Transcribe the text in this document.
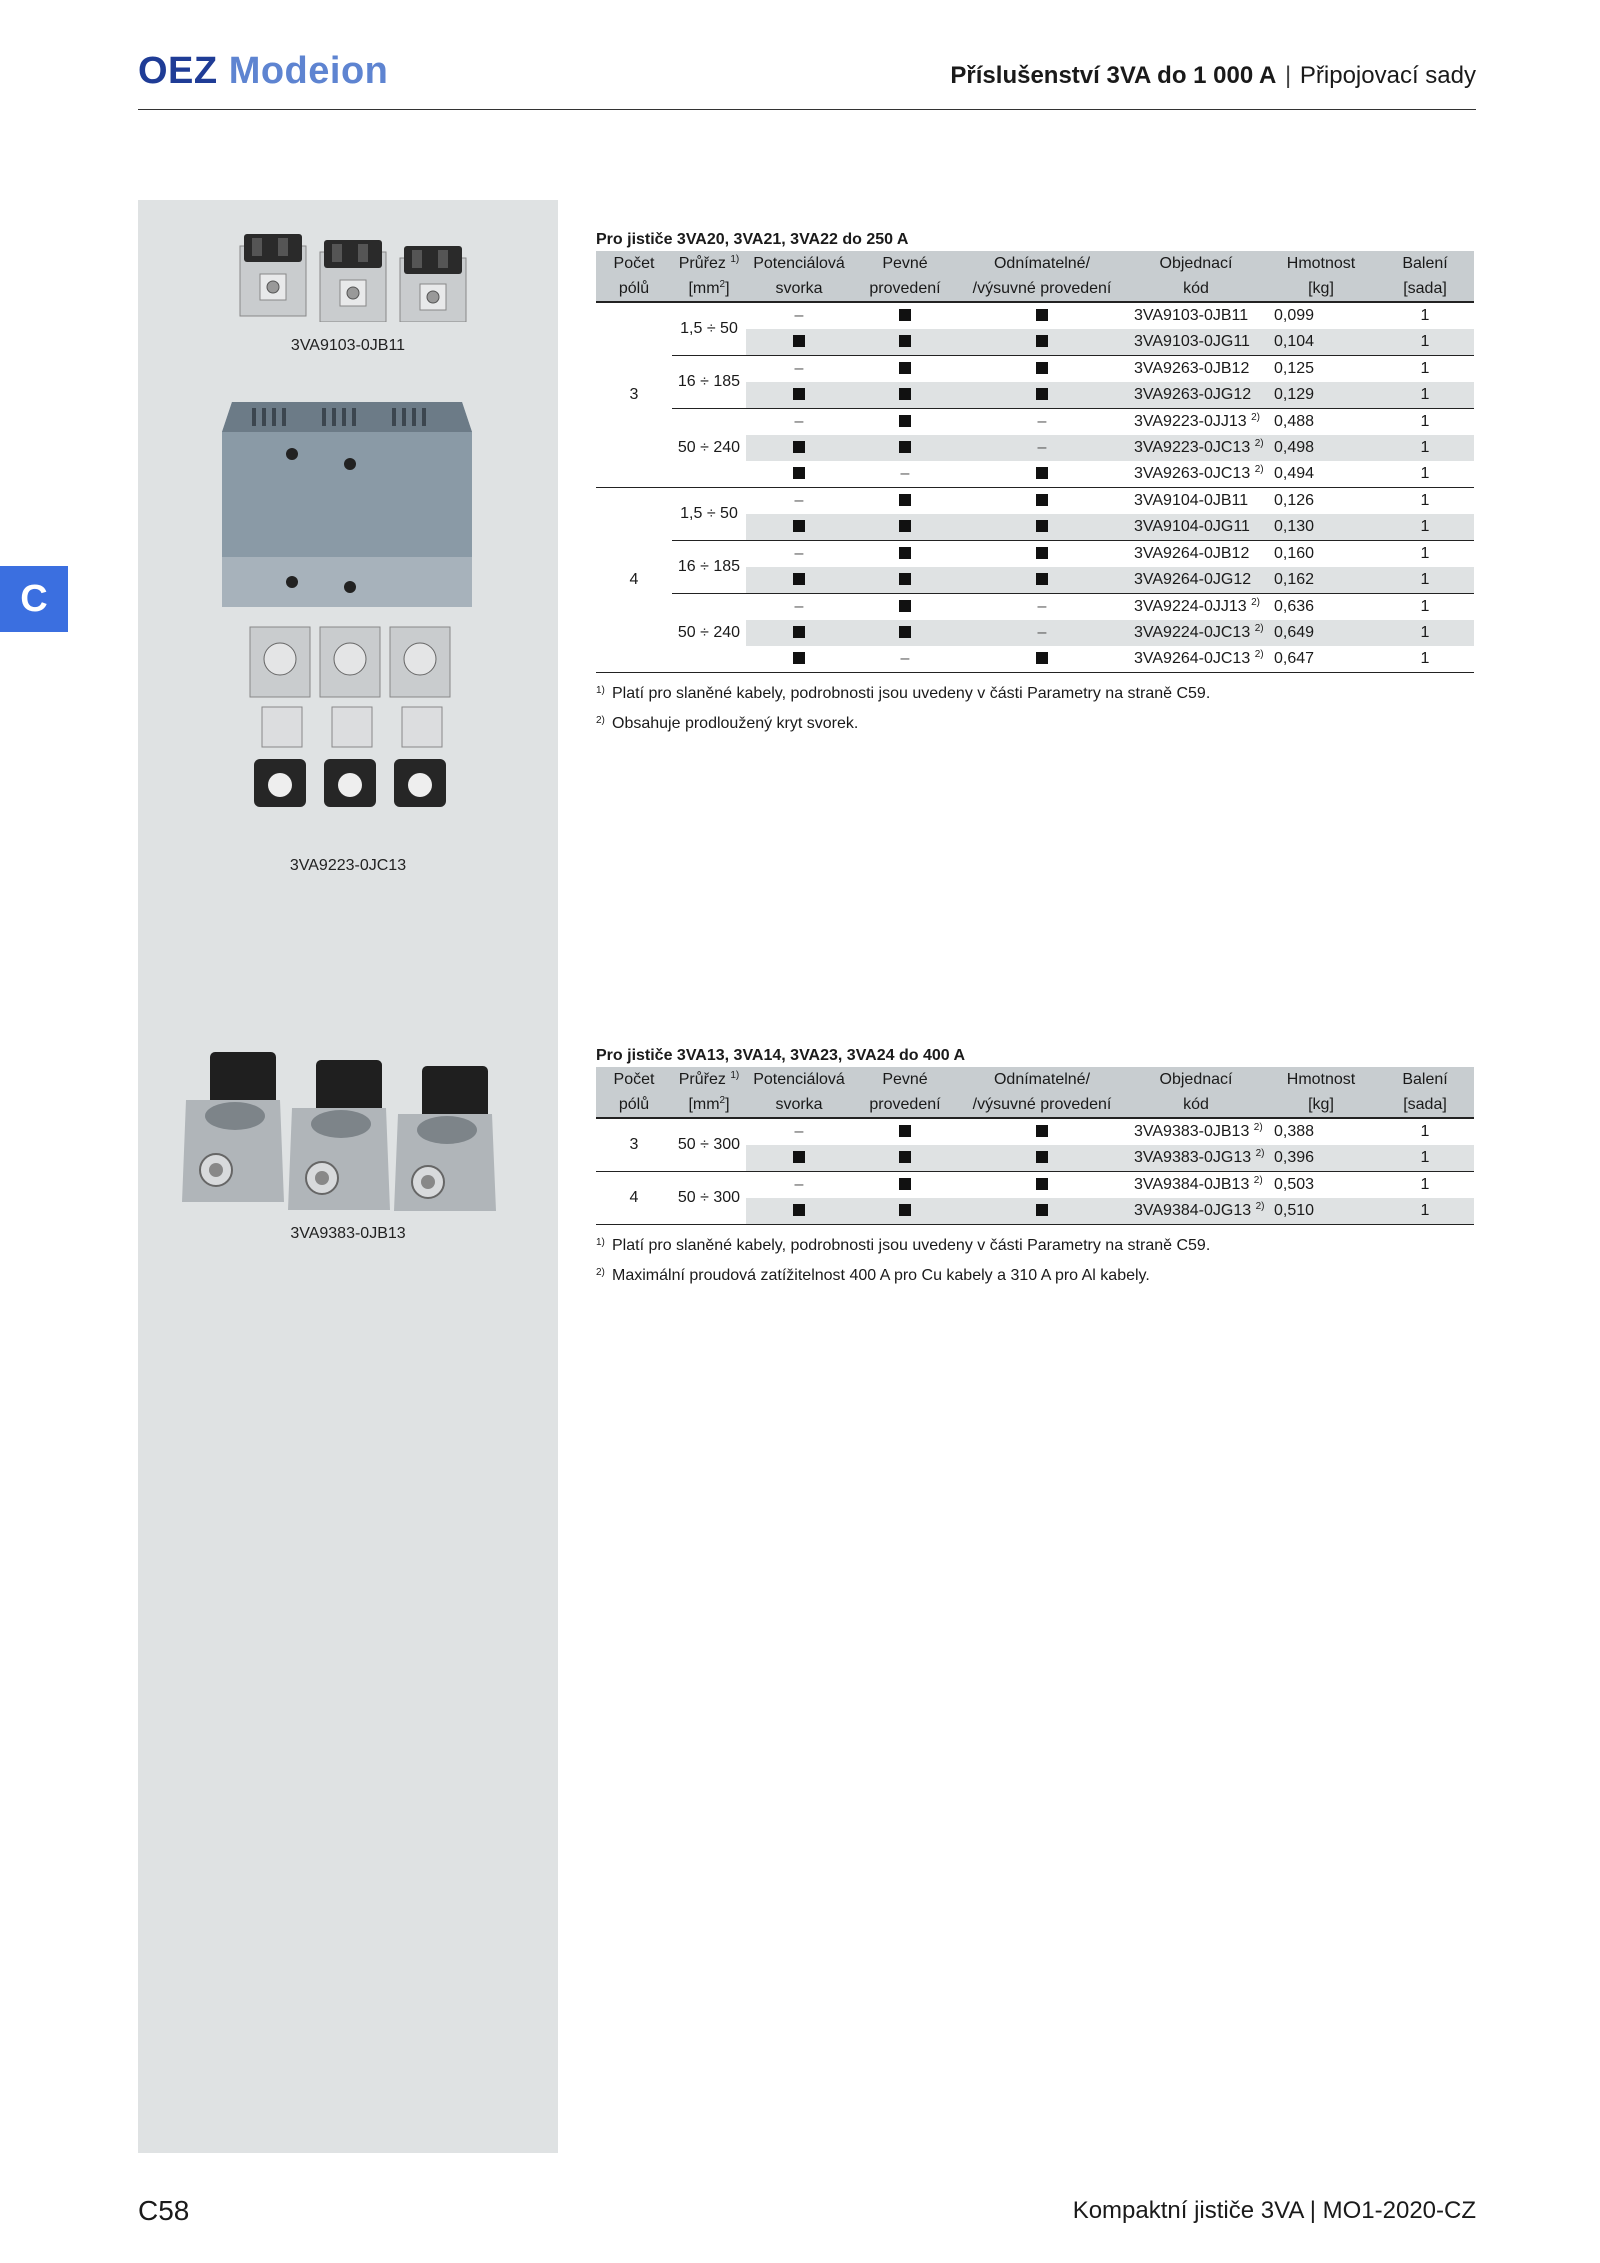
OEZ Modeion	Příslušenství 3VA do 1 000 A | Připojovací sady
C
3VA9103-0JB11
3VA9223-0JC13
3VA9383-0JB13
Pro jističe 3VA20, 3VA21, 3VA22 do 250 A
Počet	Průřez $^{1)}$	Potenciálová	Pevné	Odnímatelné/	Objednací	Hmotnost	Balení
pólů	$[mm^2]$	svorka	provedení	/výsuvné provedení	kód	[kg]	[sada]
3	1,5 ÷ 50	–			3VA9103-0JB11	0,099	1
					3VA9103-0JG11	0,104	1
	16 ÷ 185	–			3VA9263-0JB12	0,125	1
					3VA9263-0JG12	0,129	1
	50 ÷ 240	–		–	3VA9223-0JJ13 $^{2)}$	0,488	1
				–	3VA9223-0JC13 $^{2)}$	0,498	1
			–		3VA9263-0JC13 $^{2)}$	0,494	1
4	1,5 ÷ 50	–			3VA9104-0JB11	0,126	1
					3VA9104-0JG11	0,130	1
	16 ÷ 185	–			3VA9264-0JB12	0,160	1
					3VA9264-0JG12	0,162	1
	50 ÷ 240	–		–	3VA9224-0JJ13 $^{2)}$	0,636	1
				–	3VA9224-0JC13 $^{2)}$	0,649	1
			–		3VA9264-0JC13 $^{2)}$	0,647	1
1) Platí pro slaněné kabely, podrobnosti jsou uvedeny v části Parametry na straně C59.
2) Obsahuje prodloužený kryt svorek.
Pro jističe 3VA13, 3VA14, 3VA23, 3VA24 do 400 A
Počet	Průřez $^{1)}$	Potenciálová	Pevné	Odnímatelné/	Objednací	Hmotnost	Balení
pólů	$[mm^2]$	svorka	provedení	/výsuvné provedení	kód	[kg]	[sada]
3	50 ÷ 300	–			3VA9383-0JB13 $^{2)}$	0,388	1
					3VA9383-0JG13 $^{2)}$	0,396	1
4	50 ÷ 300	–			3VA9384-0JB13 $^{2)}$	0,503	1
					3VA9384-0JG13 $^{2)}$	0,510	1
1) Platí pro slaněné kabely, podrobnosti jsou uvedeny v části Parametry na straně C59.
2) Maximální proudová zatížitelnost 400 A pro Cu kabely a 310 A pro Al kabely.
C58	Kompaktní jističe 3VA | MO1-2020-CZ
